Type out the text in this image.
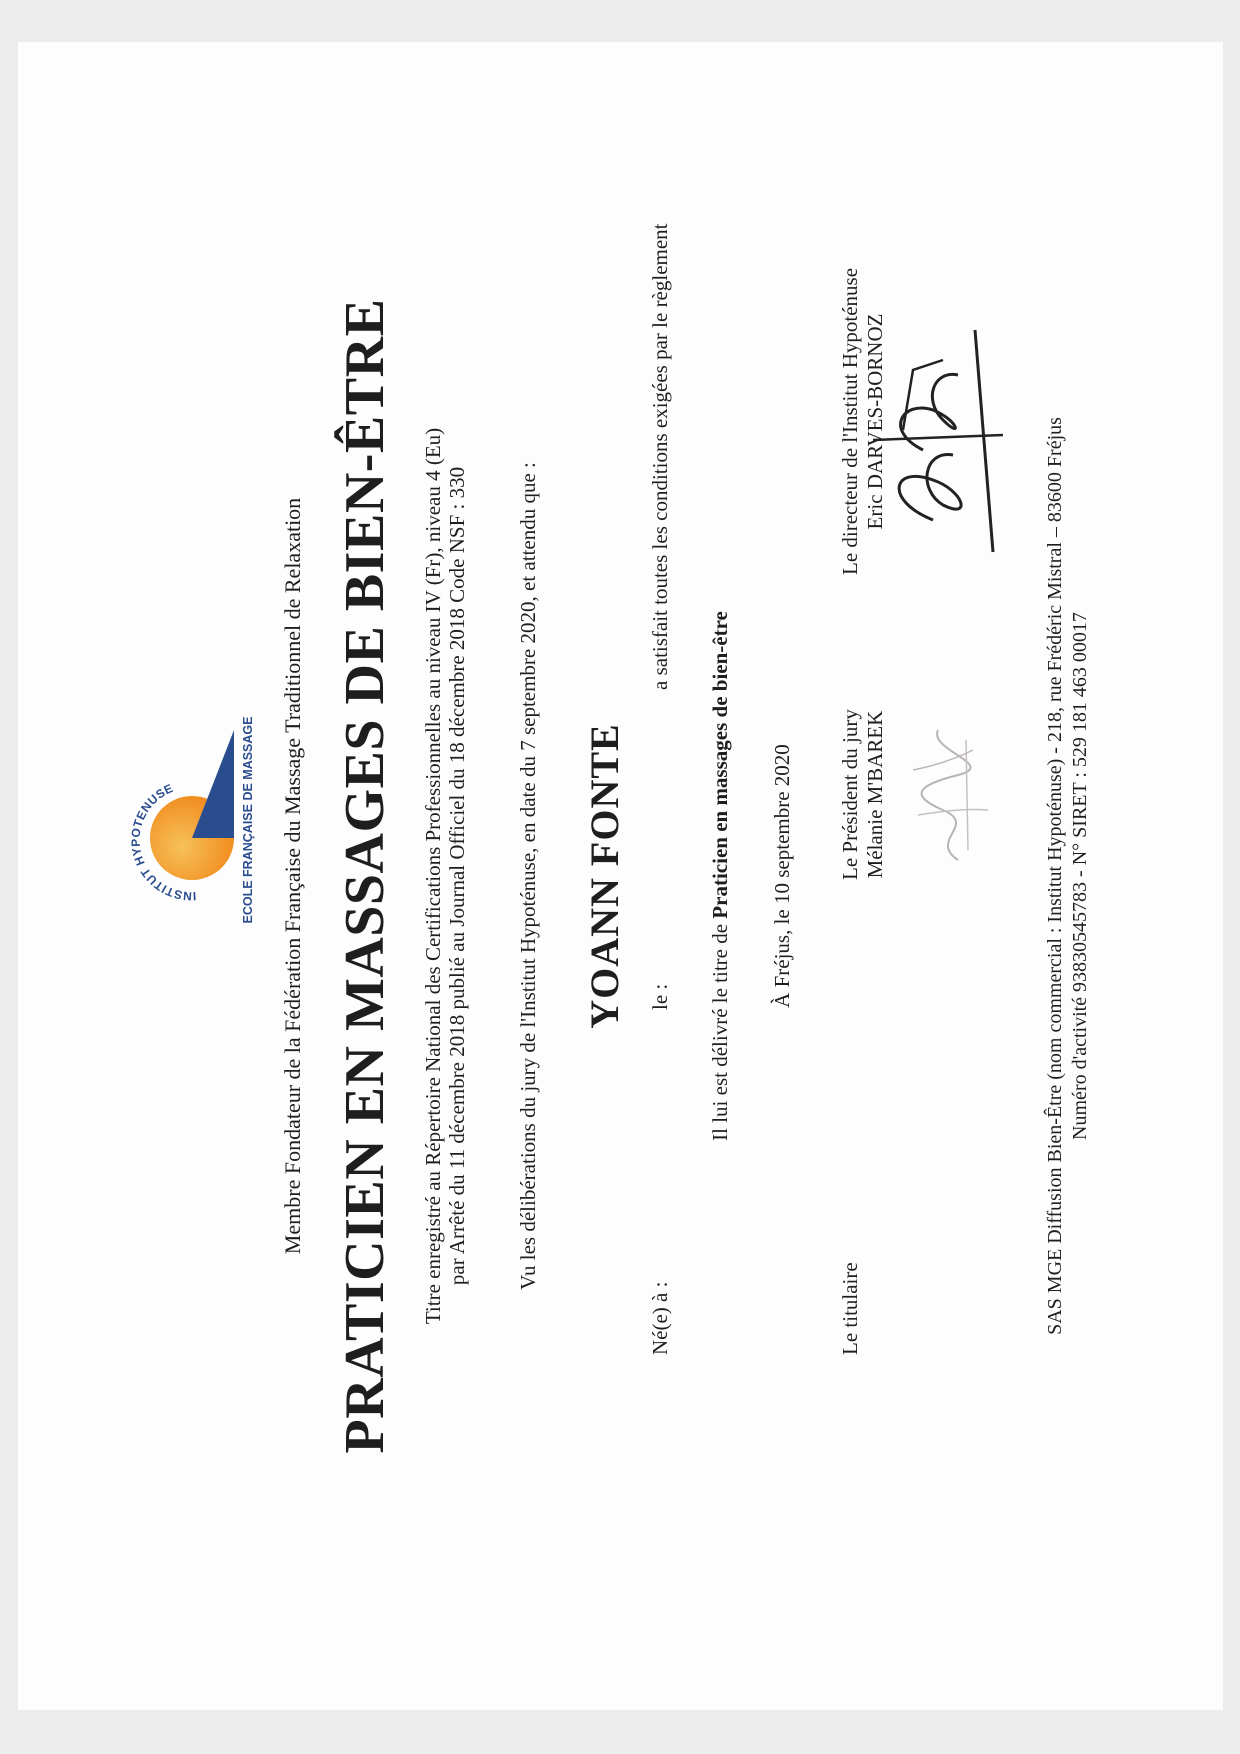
INSTITUT HYPOTENUSE	ECOLE FRANÇAISE DE MASSAGE Membre Fondateur de la Fédération Française du Massage Traditionnel de Relaxation PRATICIEN EN MASSAGES DE BIEN-ÊTRE Titre enregistré au Répertoire National des Certifications Professionnelles au niveau IV (Fr), niveau 4 (Eu) par Arrêté du 11 décembre 2018 publié au Journal Officiel du 18 décembre 2018 Code NSF : 330 Vu les délibérations du jury de l'Institut Hypoténuse, en date du 7 septembre 2020, et attendu que : YOANN FONTE
Né(e) à :
le :
a satisfait toutes les conditions exigées par le règlement
Il lui est délivré le titre de Praticien en massages de bien-être À Fréjus, le 10 septembre 2020
Le titulaire
Le Président du jury Mélanie M'BAREK
Le directeur de l'Institut Hypoténuse Eric DARVES-BORNOZ	SAS MGE Diffusion Bien-Être (nom commercial : Institut Hypoténuse) - 218, rue Frédéric Mistral – 83600 Fréjus Numéro d'activité 93830545783 - N° SIRET : 529 181 463 00017
